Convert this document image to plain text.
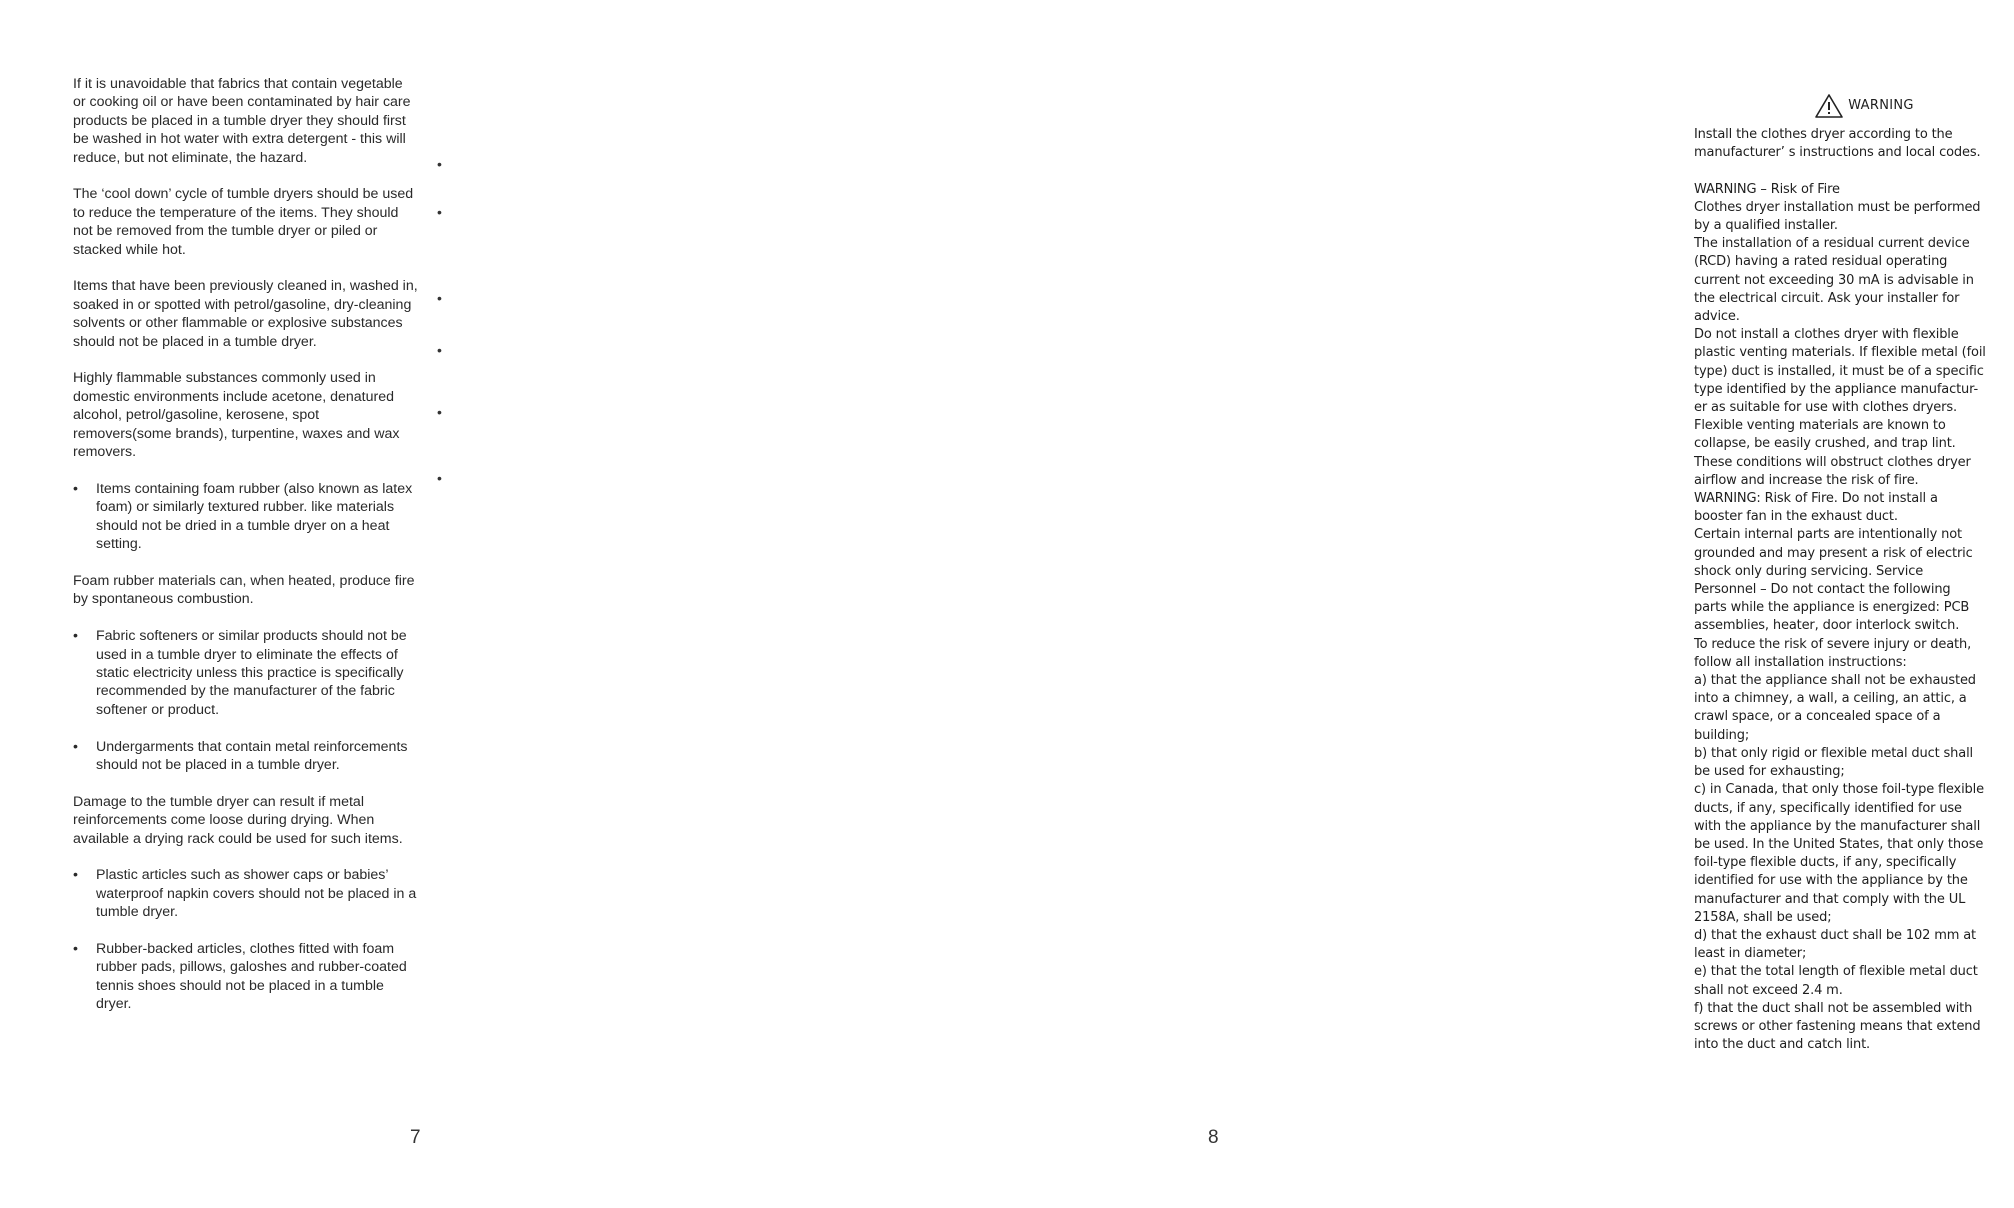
If it is unavoidable that fabrics that contain vegetable or cooking oil or have been contaminated by hair care products be placed in a tumble dryer they should first be washed in hot water with extra detergent - this will reduce, but not eliminate, the hazard.

The ‘cool down’ cycle of tumble dryers should be used to reduce the temperature of the items. They should not be removed from the tumble dryer or piled or stacked while hot.

Items that have been previously cleaned in, washed in, soaked in or spotted with petrol/gasoline, dry-cleaning solvents or other flammable or explosive substances should not be placed in a tumble dryer.

Highly flammable substances commonly used in domestic environments include acetone, denatured alcohol, petrol/gasoline, kerosene, spot removers(some brands), turpentine, waxes and wax removers.

• Items containing foam rubber (also known as latex foam) or similarly textured rubber. like materials should not be dried in a tumble dryer on a heat setting.

Foam rubber materials can, when heated, produce fire by spontaneous combustion.

• Fabric softeners or similar products should not be used in a tumble dryer to eliminate the effects of static electricity unless this practice is specifically recommended by the manufacturer of the fabric softener or product.
• Undergarments that contain metal reinforcements should not be placed in a tumble dryer.

Damage to the tumble dryer can result if metal reinforcements come loose during drying. When available a drying rack could be used for such items.

• Plastic articles such as shower caps or babies’ waterproof napkin covers should not be placed in a tumble dryer.
• Rubber-backed articles, clothes fitted with foam rubber pads, pillows, galoshes and rubber-coated tennis shoes should not be placed in a tumble dryer.
•
•
•
•
•
•
7
WARNING

Install the clothes dryer according to the manufacturer’ s instructions and local codes.

WARNING – Risk of Fire
Clothes dryer installation must be performed
by a qualified installer.
The installation of a residual current device
(RCD) having a rated residual operating
current not exceeding 30 mA is advisable in
the electrical circuit. Ask your installer for
advice.
Do not install a clothes dryer with flexible
plastic venting materials. If flexible metal (foil
type) duct is installed, it must be of a specific
type identified by the appliance manufactur-
er as suitable for use with clothes dryers.
Flexible venting materials are known to
collapse, be easily crushed, and trap lint.
These conditions will obstruct clothes dryer
airflow and increase the risk of fire.
WARNING: Risk of Fire. Do not install a
booster fan in the exhaust duct.
Certain internal parts are intentionally not
grounded and may present a risk of electric
shock only during servicing. Service
Personnel – Do not contact the following
parts while the appliance is energized: PCB
assemblies, heater, door interlock switch.
To reduce the risk of severe injury or death,
follow all installation instructions:
a) that the appliance shall not be exhausted
into a chimney, a wall, a ceiling, an attic, a
crawl space, or a concealed space of a
building;
b) that only rigid or flexible metal duct shall
be used for exhausting;
c) in Canada, that only those foil-type flexible
ducts, if any, specifically identified for use
with the appliance by the manufacturer shall
be used. In the United States, that only those
foil-type flexible ducts, if any, specifically
identified for use with the appliance by the
manufacturer and that comply with the UL
2158A, shall be used;
d) that the exhaust duct shall be 102 mm at
least in diameter;
e) that the total length of flexible metal duct
shall not exceed 2.4 m.
f) that the duct shall not be assembled with
screws or other fastening means that extend
into the duct and catch lint.
8
